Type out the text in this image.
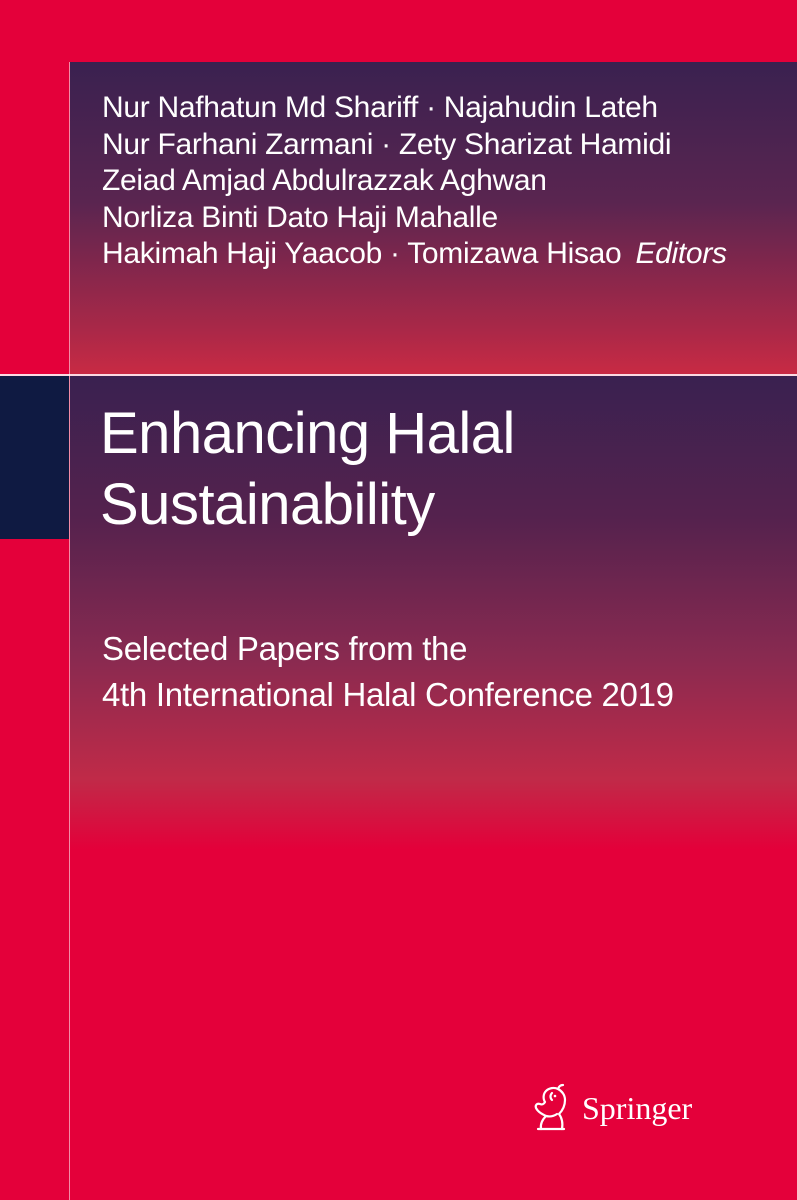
Nur Nafhatun Md Shariff · Najahudin Lateh
Nur Farhani Zarmani · Zety Sharizat Hamidi
Zeiad Amjad Abdulrazzak Aghwan
Norliza Binti Dato Haji Mahalle
Hakimah Haji Yaacob · Tomizawa Hisao Editors
Enhancing Halal
Sustainability
Selected Papers from the
4th International Halal Conference 2019
Springer
